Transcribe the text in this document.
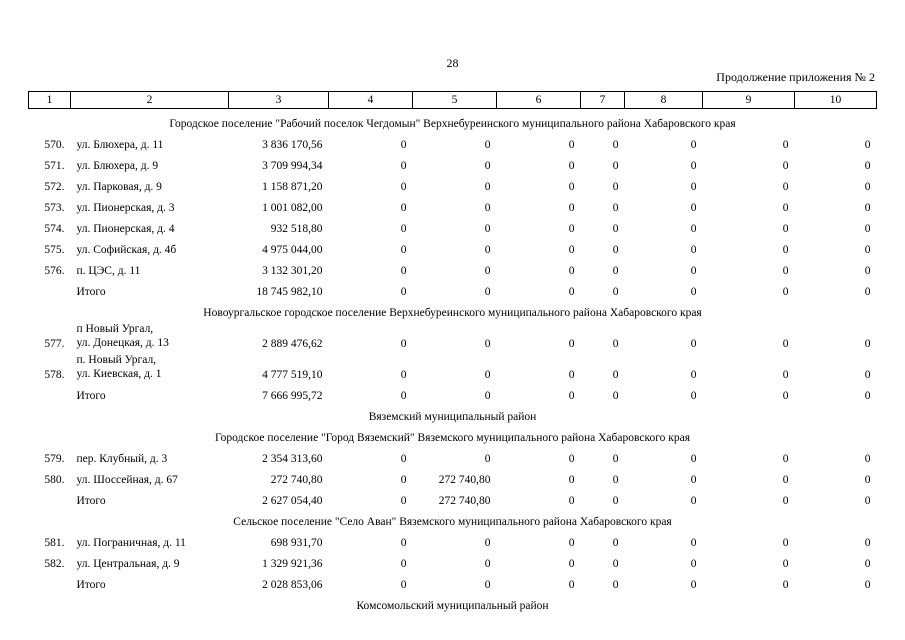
28
Продолжение приложения № 2
1	2	3	4	5	6	7	8	9	10
Городское поселение "Рабочий поселок Чегдомын" Верхнебуреинского муниципального района Хабаровского края									
570.	ул. Блюхера, д. 11	3 836 170,56	0	0	0	0	0	0	0
571.	ул. Блюхера, д. 9	3 709 994,34	0	0	0	0	0	0	0
572.	ул. Парковая, д. 9	1 158 871,20	0	0	0	0	0	0	0
573.	ул. Пионерская, д. 3	1 001 082,00	0	0	0	0	0	0	0
574.	ул. Пионерская, д. 4	932 518,80	0	0	0	0	0	0	0
575.	ул. Софийская, д. 4б	4 975 044,00	0	0	0	0	0	0	0
576.	п. ЦЭС, д. 11	3 132 301,20	0	0	0	0	0	0	0
	Итого	18 745 982,10	0	0	0	0	0	0	0
Новоургальское городское поселение Верхнебуреинского муниципального района Хабаровского края									
577.	п Новый Ургал,
ул. Донецкая, д. 13	2 889 476,62	0	0	0	0	0	0	0
578.	п. Новый Ургал,
ул. Киевская, д. 1	4 777 519,10	0	0	0	0	0	0	0
	Итого	7 666 995,72	0	0	0	0	0	0	0
Вяземский муниципальный район									
Городское поселение "Город Вяземский" Вяземского муниципального района Хабаровского края									
579.	пер. Клубный, д. 3	2 354 313,60	0	0	0	0	0	0	0
580.	ул. Шоссейная, д. 67	272 740,80	0	272 740,80	0	0	0	0	0
	Итого	2 627 054,40	0	272 740,80	0	0	0	0	0
Сельское поселение "Село Аван" Вяземского муниципального района Хабаровского края									
581.	ул. Пограничная, д. 11	698 931,70	0	0	0	0	0	0	0
582.	ул. Центральная, д. 9	1 329 921,36	0	0	0	0	0	0	0
	Итого	2 028 853,06	0	0	0	0	0	0	0
Комсомольский муниципальный район									
